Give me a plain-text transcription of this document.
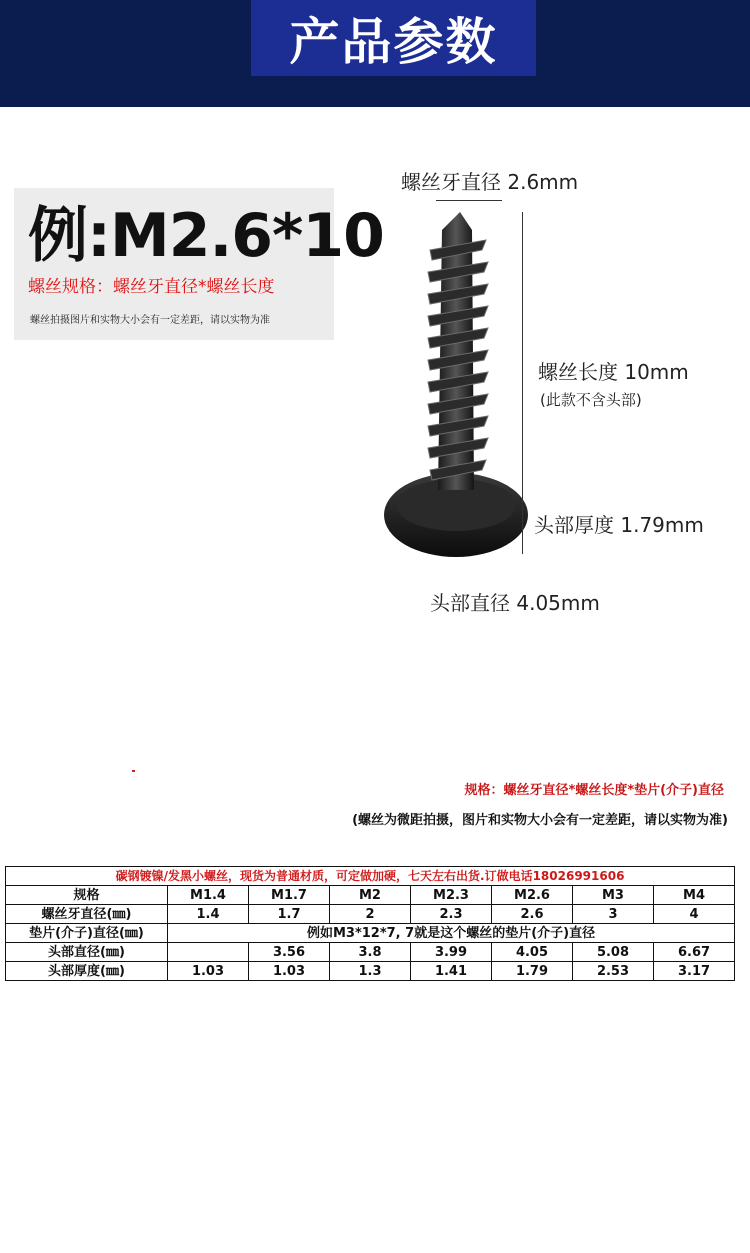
产品参数
例:M2.6*10
螺丝规格：螺丝牙直径*螺丝长度
螺丝拍摄图片和实物大小会有一定差距，请以实物为准
螺丝牙直径 2.6mm
螺丝长度 10mm
(此款不含头部)
头部厚度 1.79mm
头部直径 4.05mm
规格：螺丝牙直径*螺丝长度*垫片(介子)直径
(螺丝为微距拍摄，图片和实物大小会有一定差距，请以实物为准)
碳钢镀镍/发黑小螺丝，现货为普通材质，可定做加硬，七天左右出货.订做电话18026991606							
规格	M1.4	M1.7	M2	M2.3	M2.6	M3	M4
螺丝牙直径(㎜)	1.4	1.7	2	2.3	2.6	3	4
垫片(介子)直径(㎜)	例如M3*12*7, 7就是这个螺丝的垫片(介子)直径						
头部直径(㎜)		3.56	3.8	3.99	4.05	5.08	6.67
头部厚度(㎜)	1.03	1.03	1.3	1.41	1.79	2.53	3.17
